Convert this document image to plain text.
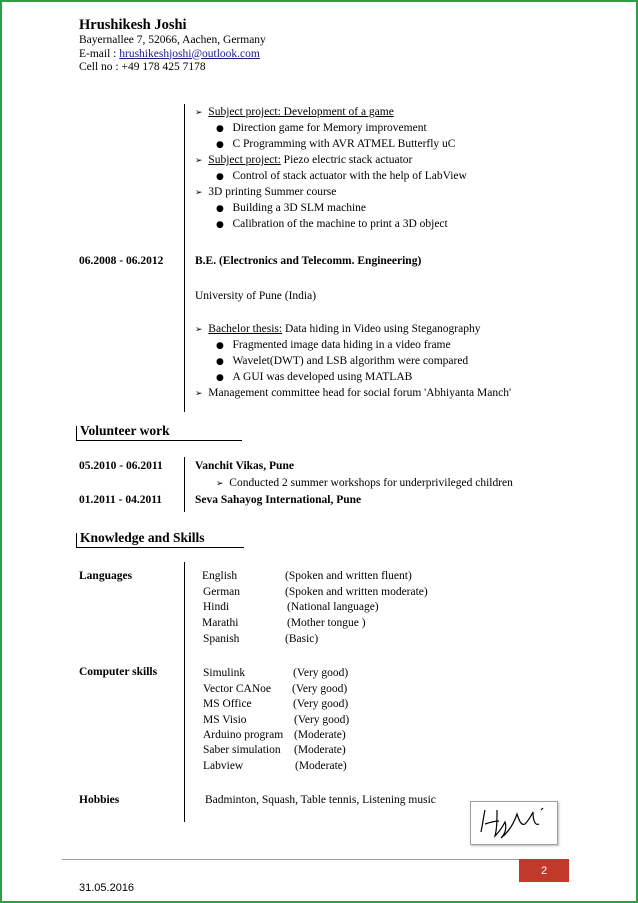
Hrushikesh Joshi
Bayernallee 7, 52066, Aachen, Germany
E-mail : hrushikeshjoshi@outlook.com
Cell no : +49 178 425 7178
➢ Subject project: Development of a game
● Direction game for Memory improvement
● C Programming with AVR ATMEL Butterfly uC
➢ Subject project: Piezo electric stack actuator
● Control of stack actuator with the help of LabView
➢ 3D printing Summer course
● Building a 3D SLM machine
● Calibration of the machine to print a 3D object
06.2008 - 06.2012	B.E. (Electronics and Telecomm. Engineering)
University of Pune (India)
➢ Bachelor thesis: Data hiding in Video using Steganography
● Fragmented image data hiding in a video frame
● Wavelet(DWT) and LSB algorithm were compared
● A GUI was developed using MATLAB
➢ Management committee head for social forum 'Abhiyanta Manch'
Volunteer work
05.2010 - 06.2011	Vanchit Vikas, Pune
➢ Conducted 2 summer workshops for underprivileged children
01.2011 - 04.2011	Seva Sahayog International, Pune
Knowledge and Skills
Languages	English	(Spoken and written fluent)
German	(Spoken and written moderate)
Hindi	(National language)
Marathi	(Mother tongue )
Spanish	(Basic)
Computer skills	Simulink	(Very good)
Vector CANoe (Very good)
MS Office	(Very good)
MS Visio	(Very good)
Arduino program (Moderate)
Saber simulation (Moderate)
Labview	(Moderate)
Hobbies	Badminton, Squash, Table tennis, Listening music
2
31.05.2016
